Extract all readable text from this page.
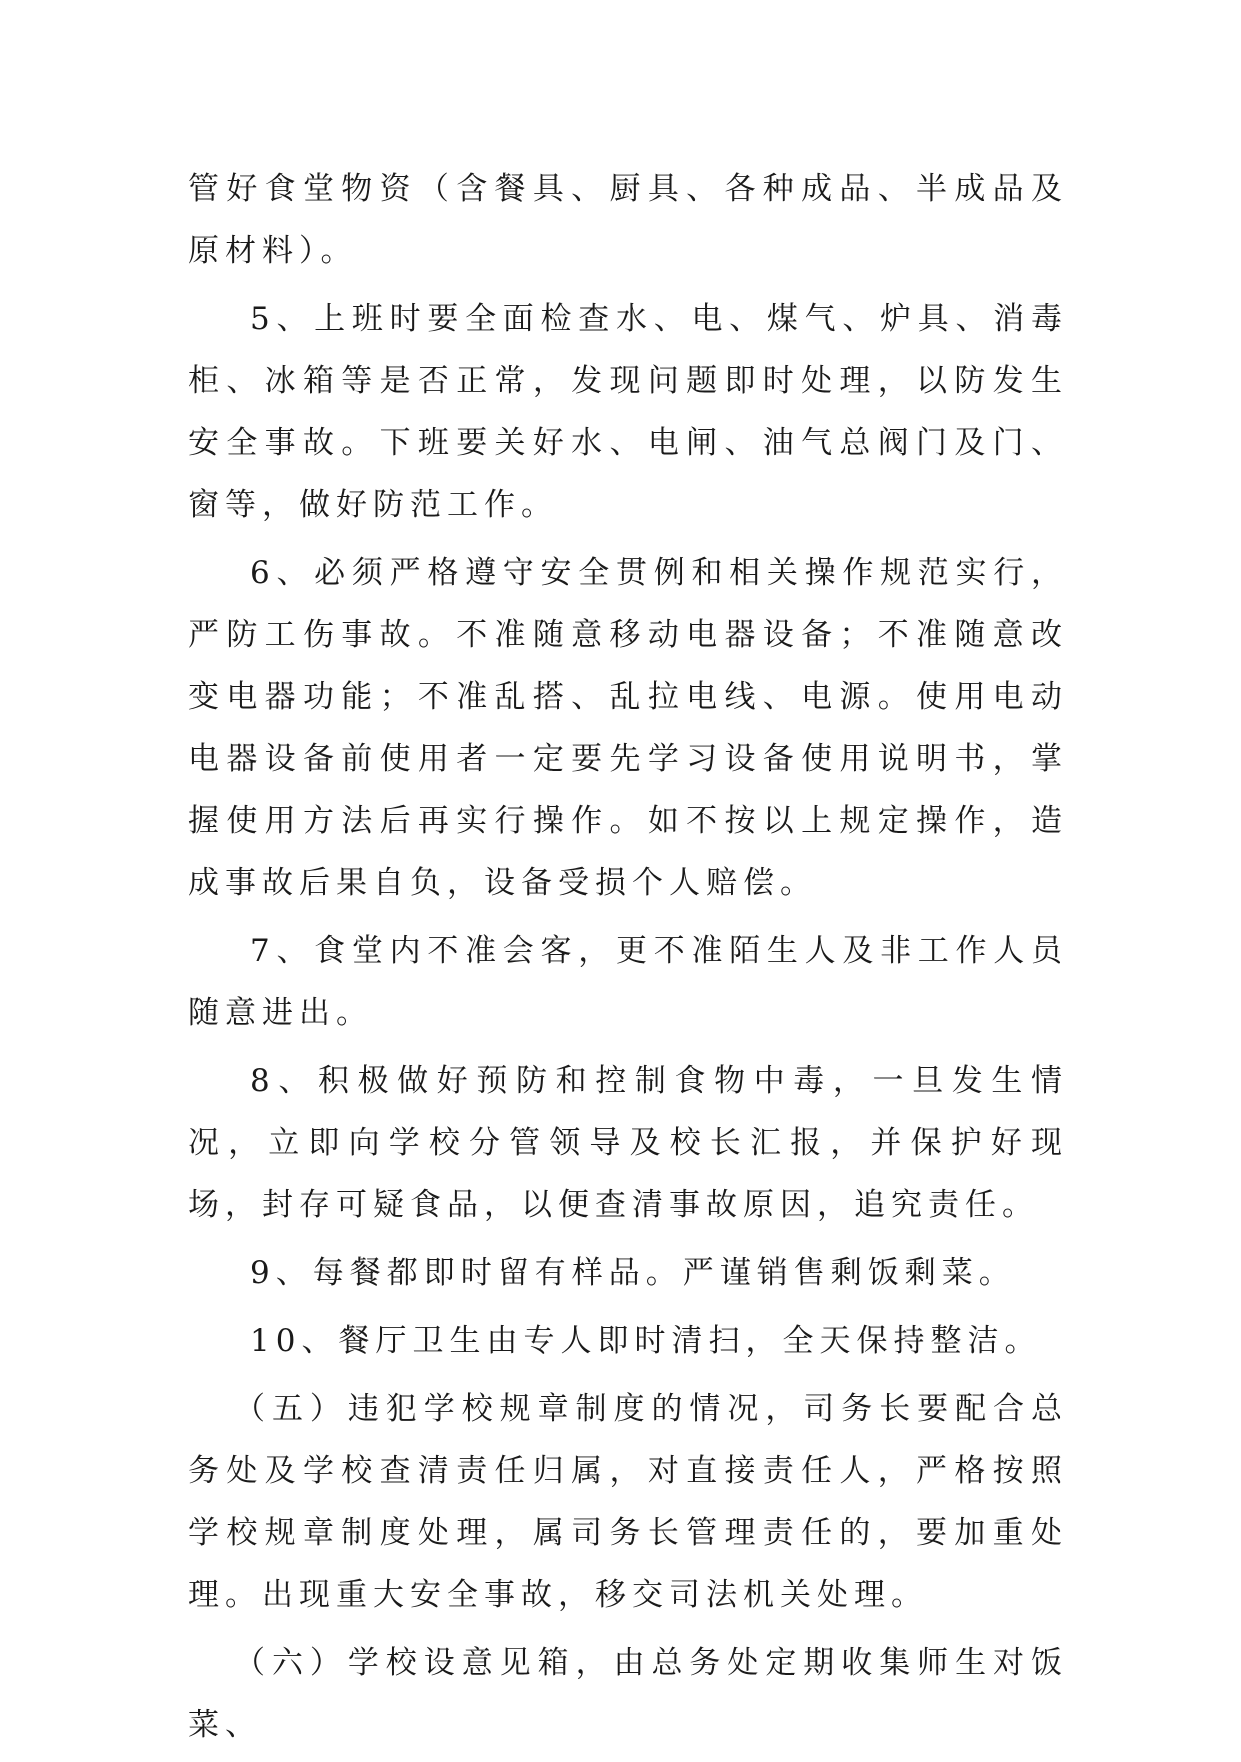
管好食堂物资（含餐具、厨具、各种成品、半成品及原材料）。

5、上班时要全面检查水、电、煤气、炉具、消毒柜、冰箱等是否正常，发现问题即时处理，以防发生安全事故。下班要关好水、电闸、油气总阀门及门、窗等，做好防范工作。

6、必须严格遵守安全贯例和相关操作规范实行，严防工伤事故。不准随意移动电器设备；不准随意改变电器功能；不准乱搭、乱拉电线、电源。使用电动电器设备前使用者一定要先学习设备使用说明书，掌握使用方法后再实行操作。如不按以上规定操作，造成事故后果自负，设备受损个人赔偿。

7、食堂内不准会客，更不准陌生人及非工作人员随意进出。

8、积极做好预防和控制食物中毒，一旦发生情况，立即向学校分管领导及校长汇报，并保护好现场，封存可疑食品，以便查清事故原因，追究责任。

9、每餐都即时留有样品。严谨销售剩饭剩菜。

10、餐厅卫生由专人即时清扫，全天保持整洁。

（五）违犯学校规章制度的情况，司务长要配合总务处及学校查清责任归属，对直接责任人，严格按照学校规章制度处理，属司务长管理责任的，要加重处理。出现重大安全事故，移交司法机关处理。

（六）学校设意见箱，由总务处定期收集师生对饭菜、
